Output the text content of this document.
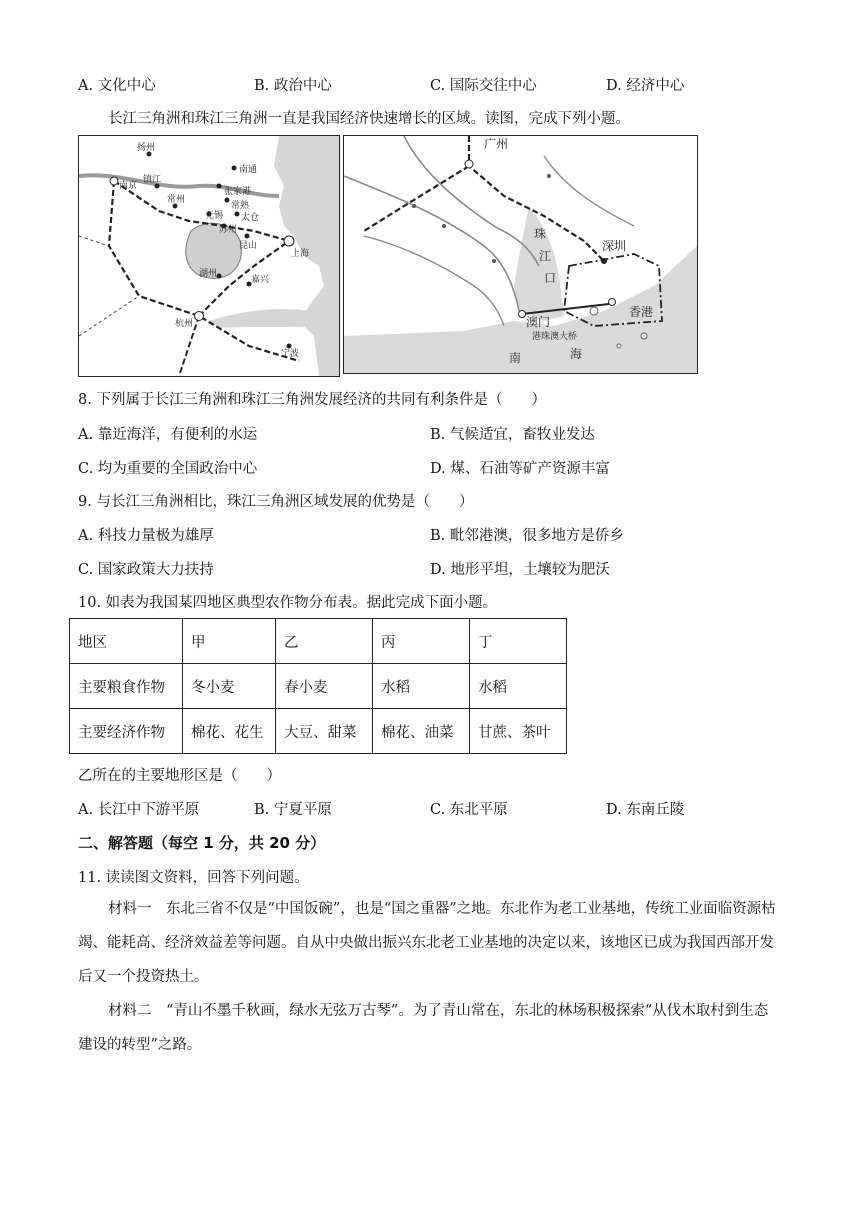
A. 文化中心	B. 政治中心	C. 国际交往中心	D. 经济中心
长江三角洲和珠江三角洲一直是我国经济快速增长的区域。读图，完成下列小题。
扬州
南通
南京
镇江
常州
张家港
常熟
无锡 太仓
苏州
昆山
上海
湖州
嘉兴
杭州
宁波
广州
珠
江
口
深圳
澳门
香港
港珠澳大桥
南	海
8. 下列属于长江三角洲和珠江三角洲发展经济的共同有利条件是（　　）
A. 靠近海洋，有便利的水运	B. 气候适宜，畜牧业发达
C. 均为重要的全国政治中心	D. 煤、石油等矿产资源丰富
9. 与长江三角洲相比，珠江三角洲区域发展的优势是（　　）
A. 科技力量极为雄厚	B. 毗邻港澳，很多地方是侨乡
C. 国家政策大力扶持	D. 地形平坦，土壤较为肥沃
10. 如表为我国某四地区典型农作物分布表。据此完成下面小题。
地区	甲	乙	丙	丁
主要粮食作物	冬小麦	春小麦	水稻	水稻
主要经济作物	棉花、花生	大豆、甜菜	棉花、油菜	甘蔗、茶叶
乙所在的主要地形区是（　　）
A. 长江中下游平原	B. 宁夏平原	C. 东北平原	D. 东南丘陵
二、解答题（每空 1 分，共 20 分）
11. 读读图文资料，回答下列问题。
材料一　东北三省不仅是“中国饭碗”，也是“国之重器”之地。东北作为老工业基地，传统工业面临资源枯竭、能耗高、经济效益差等问题。自从中央做出振兴东北老工业基地的决定以来，该地区已成为我国西部开发后又一个投资热土。
材料二　“青山不墨千秋画，绿水无弦万古琴”。为了青山常在，东北的林场积极探索“从伐木取村到生态建设的转型”之路。
